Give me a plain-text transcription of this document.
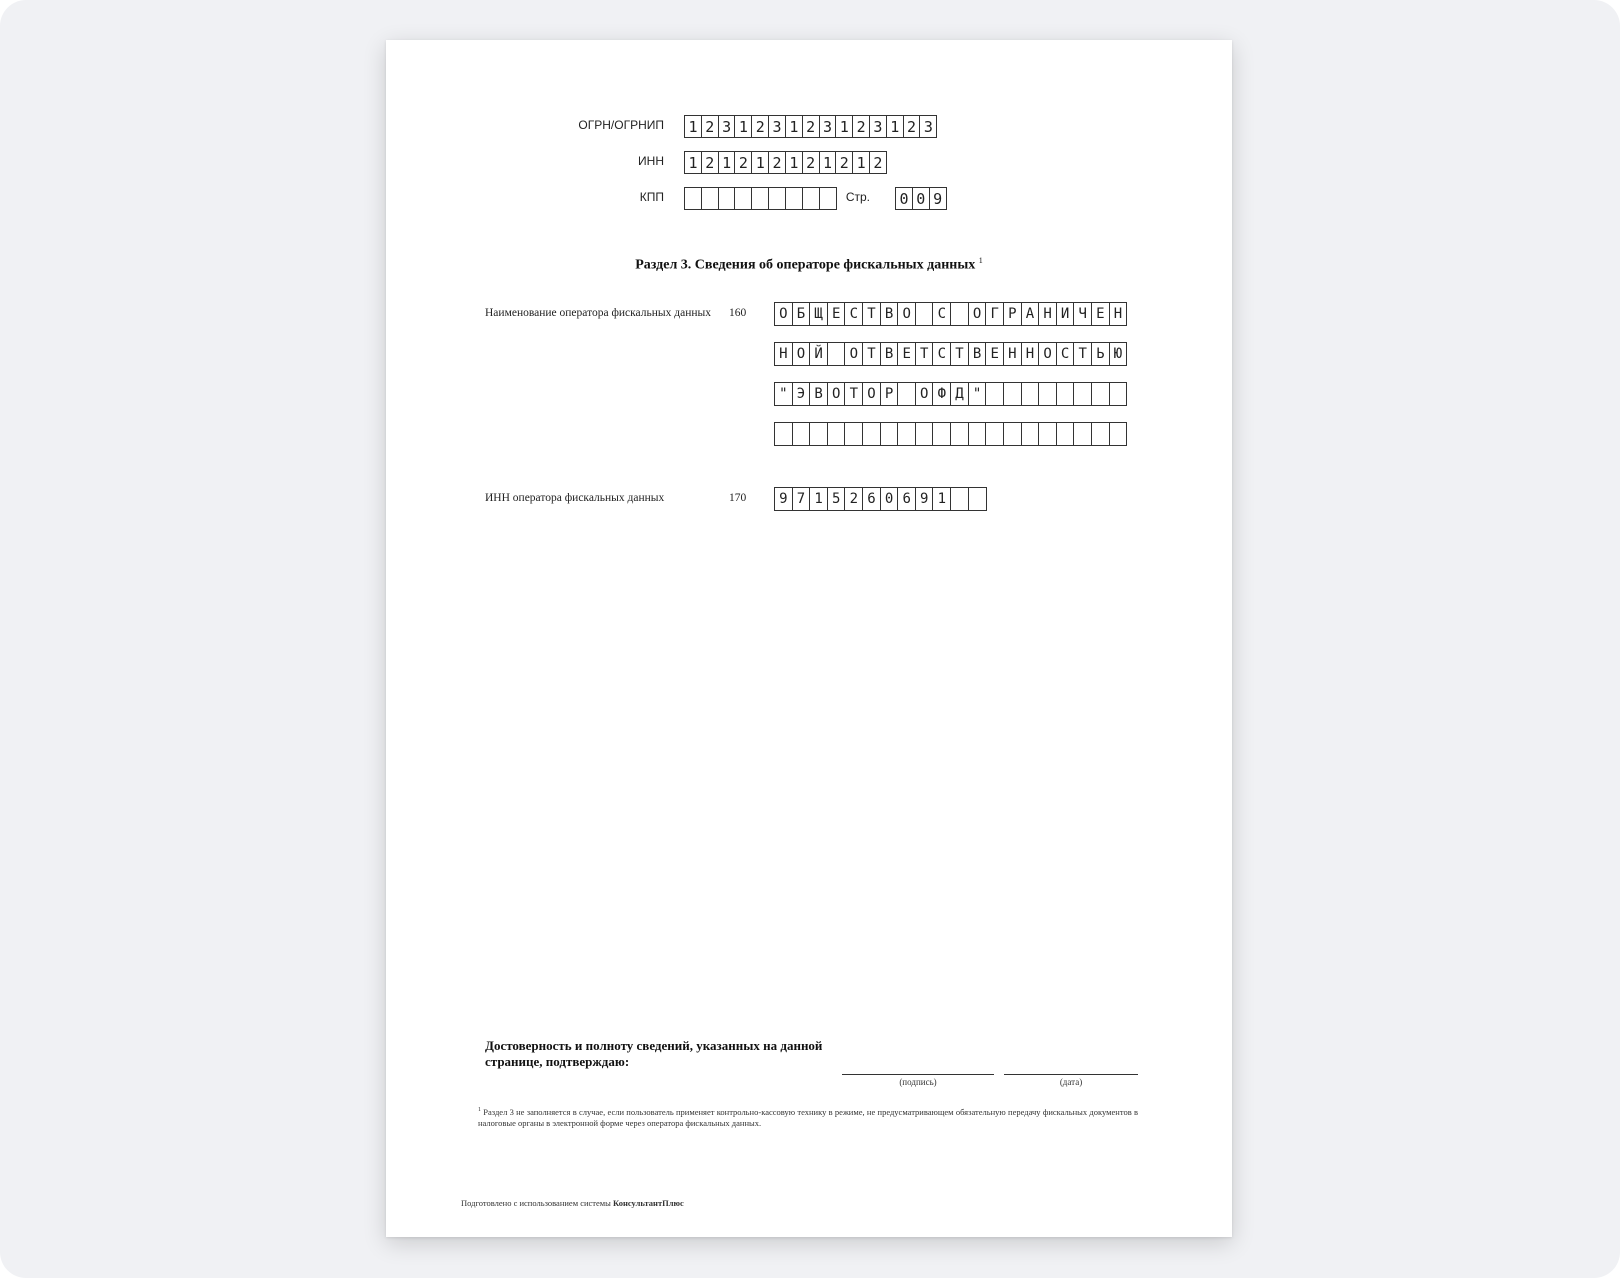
ОГРН/ОГРНИП 1 2 3 1 2 3 1 2 3 1 2 3 1 2 3
ИНН 1 2 1 2 1 2 1 2 1 2 1 2
КПП	Стр. 0 0 9
Раздел 3. Сведения об операторе фискальных данных $^1$
Наименование оператора фискальных данных	160	О Б Щ Е С Т В О	С	О Г Р А Н И Ч Е Н
Н О Й	О Т В Е Т С Т В Е Н Н О С Т Ь Ю
" Э В О Т О Р	О Ф Д "
ИНН оператора фискальных данных	170	9 7 1 5 2 6 0 6 9 1
Достоверность и полноту сведений, указанных на данной странице, подтверждаю:
(подпись)	(дата)
$^1$ Раздел 3 не заполняется в случае, если пользователь применяет контрольно-кассовую технику в режиме, не предусматривающем обязательную передачу фискальных документов в налоговые органы в электронной форме через оператора фискальных данных.
Подготовлено с использованием системы КонсультантПлюс
